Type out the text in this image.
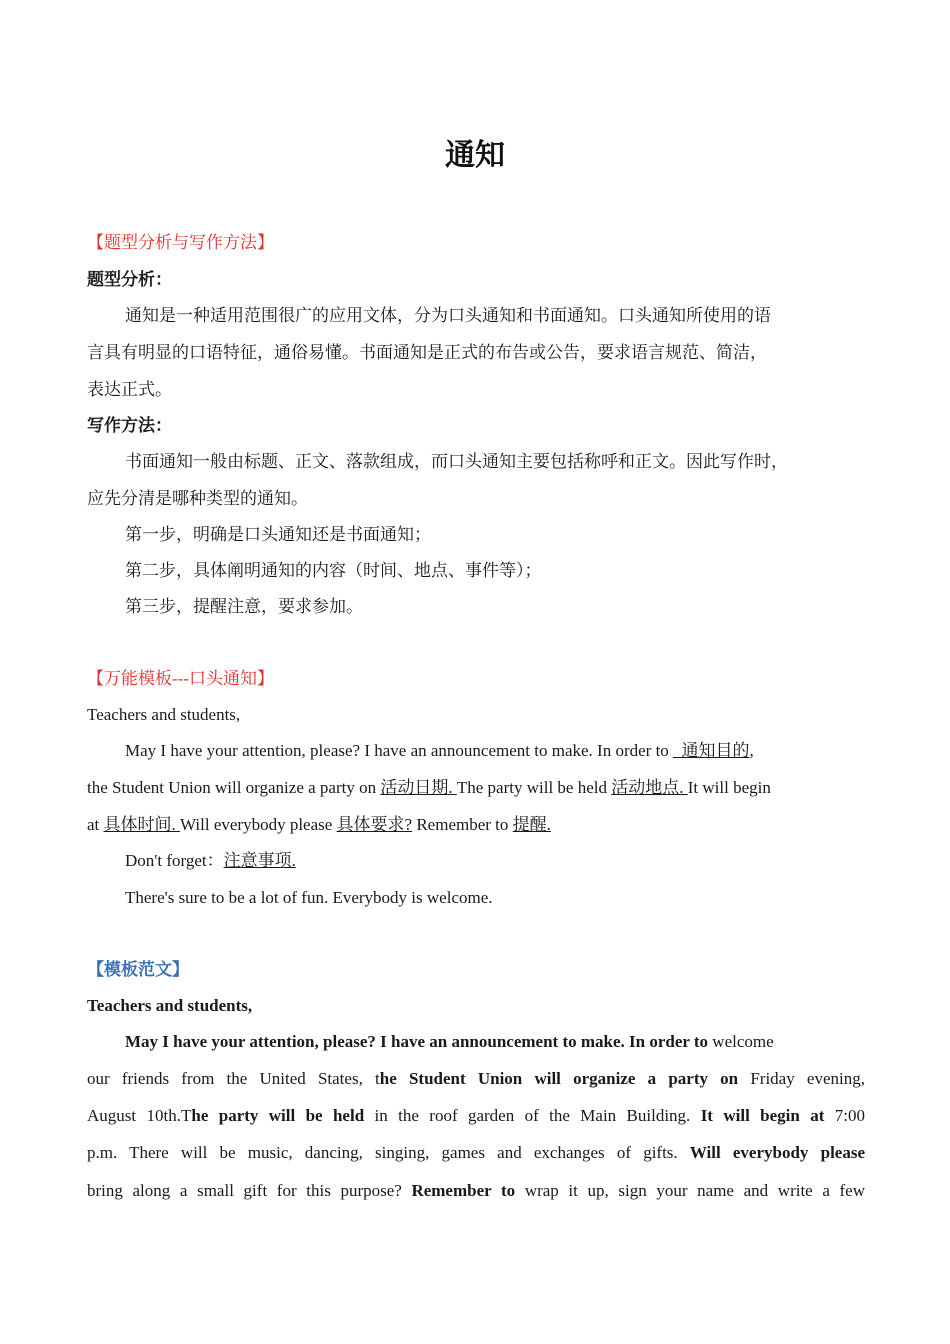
通知
【题型分析与写作方法】
题型分析：
通知是一种适用范围很广的应用文体，分为口头通知和书面通知。口头通知所使用的语
言具有明显的口语特征，通俗易懂。书面通知是正式的布告或公告，要求语言规范、简洁，
表达正式。
写作方法：
书面通知一般由标题、正文、落款组成，而口头通知主要包括称呼和正文。因此写作时，
应先分清是哪种类型的通知。
第一步，明确是口头通知还是书面通知；
第二步，具体阐明通知的内容（时间、地点、事件等）；
第三步，提醒注意，要求参加。
【万能模板---口头通知】
Teachers and students,
May I have your attention, please? I have an announcement to make. In order to _通知目的,
the Student Union will organize a party on 活动日期. The party will be held 活动地点. It will begin
at 具体时间. Will everybody please 具体要求? Remember to 提醒.
Don't forget：注意事项.
There's sure to be a lot of fun. Everybody is welcome.
【模板范文】
Teachers and students,
May I have your attention, please? I have an announcement to make. In order to welcome
our friends from the United States, the Student Union will organize a party on Friday evening,
August 10th.The party will be held in the roof garden of the Main Building. It will begin at 7:00
p.m. There will be music, dancing, singing, games and exchanges of gifts. Will everybody please
bring along a small gift for this purpose? Remember to wrap it up, sign your name and write a few
